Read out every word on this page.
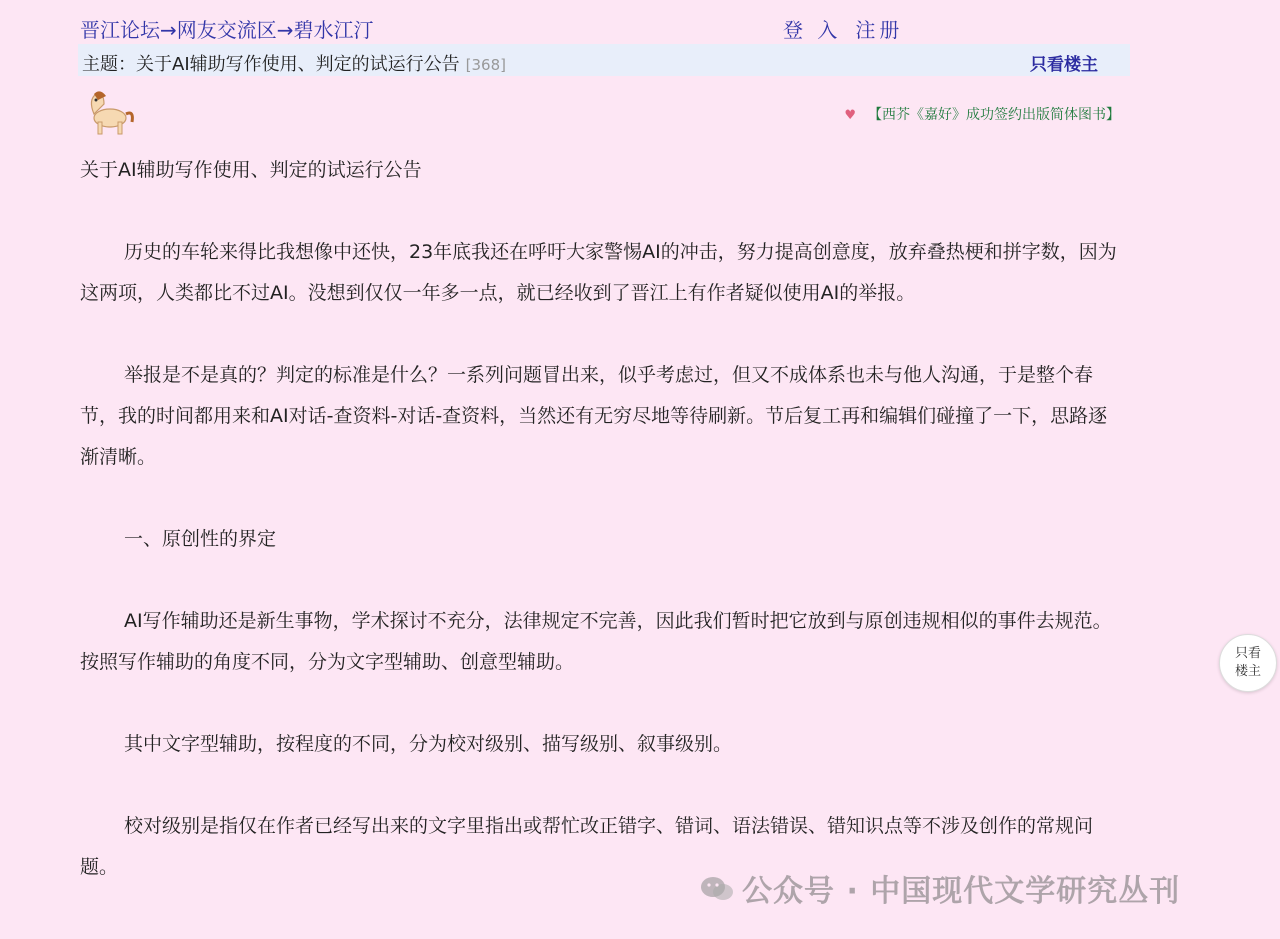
晋江论坛→网友交流区→碧水江汀	登 入 注册
主题：关于AI辅助写作使用、判定的试运行公告 [368]	只看楼主
♥ 【西芥《嘉好》成功签约出版简体图书】

关于AI辅助写作使用、判定的试运行公告

历史的车轮来得比我想像中还快，23年底我还在呼吁大家警惕AI的冲击，努力提高创意度，放弃叠热梗和拼字数，因为这两项，人类都比不过AI。没想到仅仅一年多一点，就已经收到了晋江上有作者疑似使用AI的举报。

举报是不是真的？判定的标准是什么？一系列问题冒出来，似乎考虑过，但又不成体系也未与他人沟通，于是整个春节，我的时间都用来和AI对话-查资料-对话-查资料，当然还有无穷尽地等待刷新。节后复工再和编辑们碰撞了一下，思路逐渐清晰。

一、原创性的界定

AI写作辅助还是新生事物，学术探讨不充分，法律规定不完善，因此我们暂时把它放到与原创违规相似的事件去规范。按照写作辅助的角度不同，分为文字型辅助、创意型辅助。

其中文字型辅助，按程度的不同，分为校对级别、描写级别、叙事级别。

校对级别是指仅在作者已经写出来的文字里指出或帮忙改正错字、错词、语法错误、错知识点等不涉及创作的常规问题。

只看
楼主
公众号 · 中国现代文学研究丛刊
